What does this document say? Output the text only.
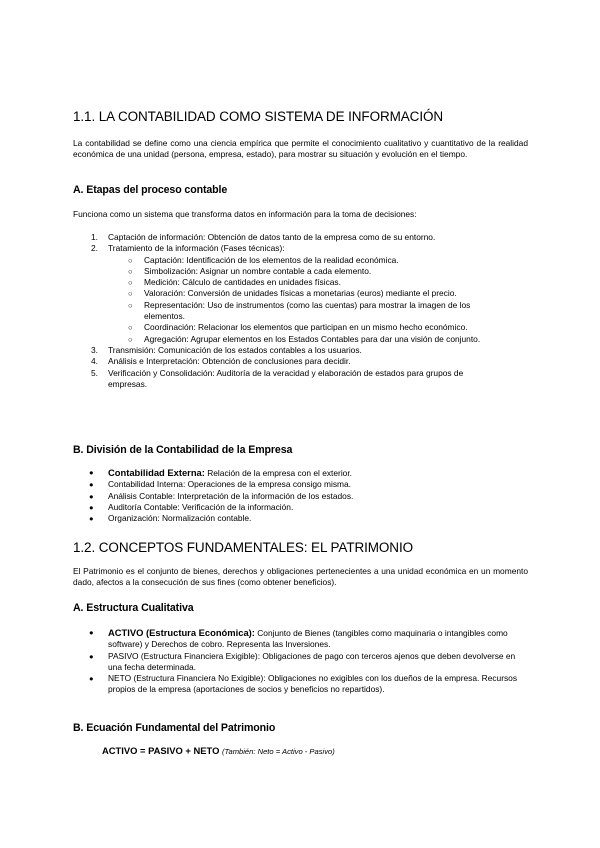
1.1. LA CONTABILIDAD COMO SISTEMA DE INFORMACIÓN

La contabilidad se define como una ciencia empírica que permite el conocimiento cualitativo y cuantitativo de la realidad económica de una unidad (persona, empresa, estado), para mostrar su situación y evolución en el tiempo.

A. Etapas del proceso contable

Funciona como un sistema que transforma datos en información para la toma de decisiones:

1. Captación de información: Obtención de datos tanto de la empresa como de su entorno.
2. Tratamiento de la información (Fases técnicas):
○ Captación: Identificación de los elementos de la realidad económica.
○ Simbolización: Asignar un nombre contable a cada elemento.
○ Medición: Cálculo de cantidades en unidades físicas.
○ Valoración: Conversión de unidades físicas a monetarias (euros) mediante el precio.
○ Representación: Uso de instrumentos (como las cuentas) para mostrar la imagen de los elementos.
○ Coordinación: Relacionar los elementos que participan en un mismo hecho económico.
○ Agregación: Agrupar elementos en los Estados Contables para dar una visión de conjunto.
3. Transmisión: Comunicación de los estados contables a los usuarios.
4. Análisis e Interpretación: Obtención de conclusiones para decidir.
5. Verificación y Consolidación: Auditoría de la veracidad y elaboración de estados para grupos de empresas.
B. División de la Contabilidad de la Empresa
● Contabilidad Externa: Relación de la empresa con el exterior.
● Contabilidad Interna: Operaciones de la empresa consigo misma.
● Análisis Contable: Interpretación de la información de los estados.
● Auditoría Contable: Verificación de la información.
● Organización: Normalización contable.
1.2. CONCEPTOS FUNDAMENTALES: EL PATRIMONIO

El Patrimonio es el conjunto de bienes, derechos y obligaciones pertenecientes a una unidad económica en un momento dado, afectos a la consecución de sus fines (como obtener beneficios).

A. Estructura Cualitativa
● ACTIVO (Estructura Económica): Conjunto de Bienes (tangibles como maquinaria o intangibles como software) y Derechos de cobro. Representa las Inversiones.
● PASIVO (Estructura Financiera Exigible): Obligaciones de pago con terceros ajenos que deben devolverse en una fecha determinada.
● NETO (Estructura Financiera No Exigible): Obligaciones no exigibles con los dueños de la empresa. Recursos propios de la empresa (aportaciones de socios y beneficios no repartidos).
B. Ecuación Fundamental del Patrimonio
ACTIVO = PASIVO + NETO (También: Neto = Activo - Pasivo)
